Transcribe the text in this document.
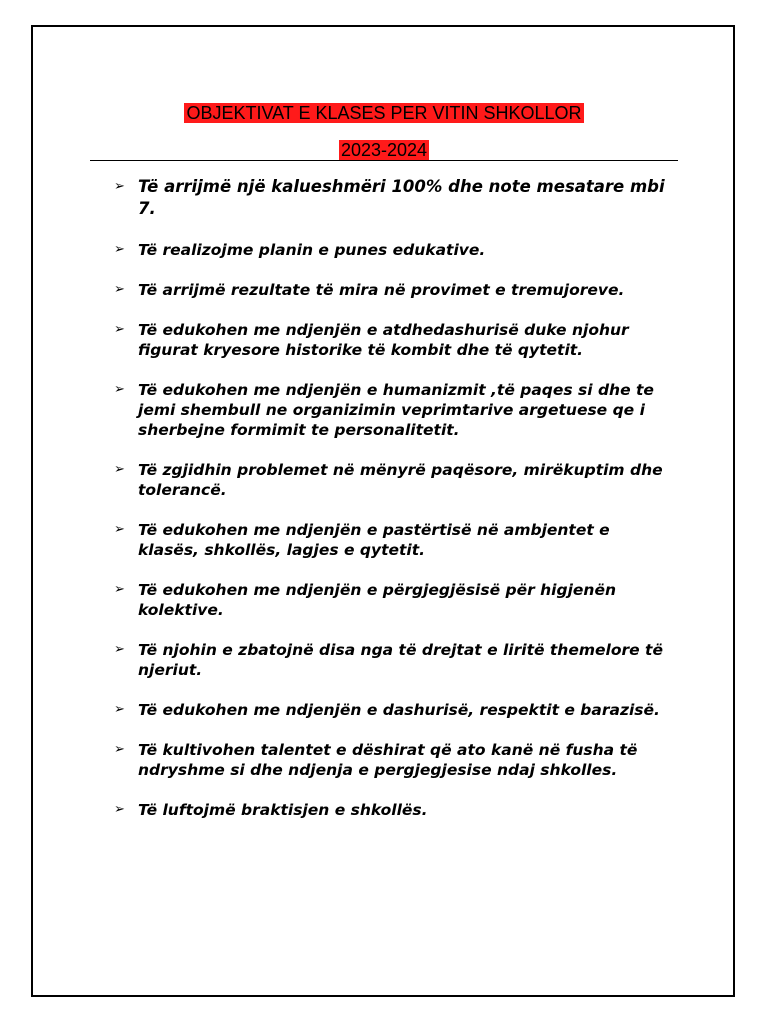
OBJEKTIVAT E KLASES PER VITIN SHKOLLOR
2023-2024
➢ Të arrijmë një kalueshmëri 100% dhe note mesatare mbi 7.
➢ Të realizojme planin e punes edukative.
➢ Të arrijmë rezultate të mira në provimet e tremujoreve.
➢ Të edukohen me ndjenjën e atdhedashurisë duke njohur figurat kryesore historike të kombit dhe të qytetit.
➢ Të edukohen me ndjenjën e humanizmit ,të paqes si dhe te jemi shembull ne organizimin veprimtarive argetuese qe i sherbejne formimit te personalitetit.
➢ Të zgjidhin problemet në mënyrë paqësore, mirëkuptim dhe tolerancë.
➢ Të edukohen me ndjenjën e pastërtisë në ambjentet e klasës, shkollës, lagjes e qytetit.
➢ Të edukohen me ndjenjën e përgjegjësisë për higjenën kolektive.
➢ Të njohin e zbatojnë disa nga të drejtat e liritë themelore të njeriut.
➢ Të edukohen me ndjenjën e dashurisë, respektit e barazisë.
➢ Të kultivohen talentet e dëshirat që ato kanë në fusha të ndryshme si dhe ndjenja e pergjegjesise ndaj shkolles.
➢ Të luftojmë braktisjen e shkollës.
